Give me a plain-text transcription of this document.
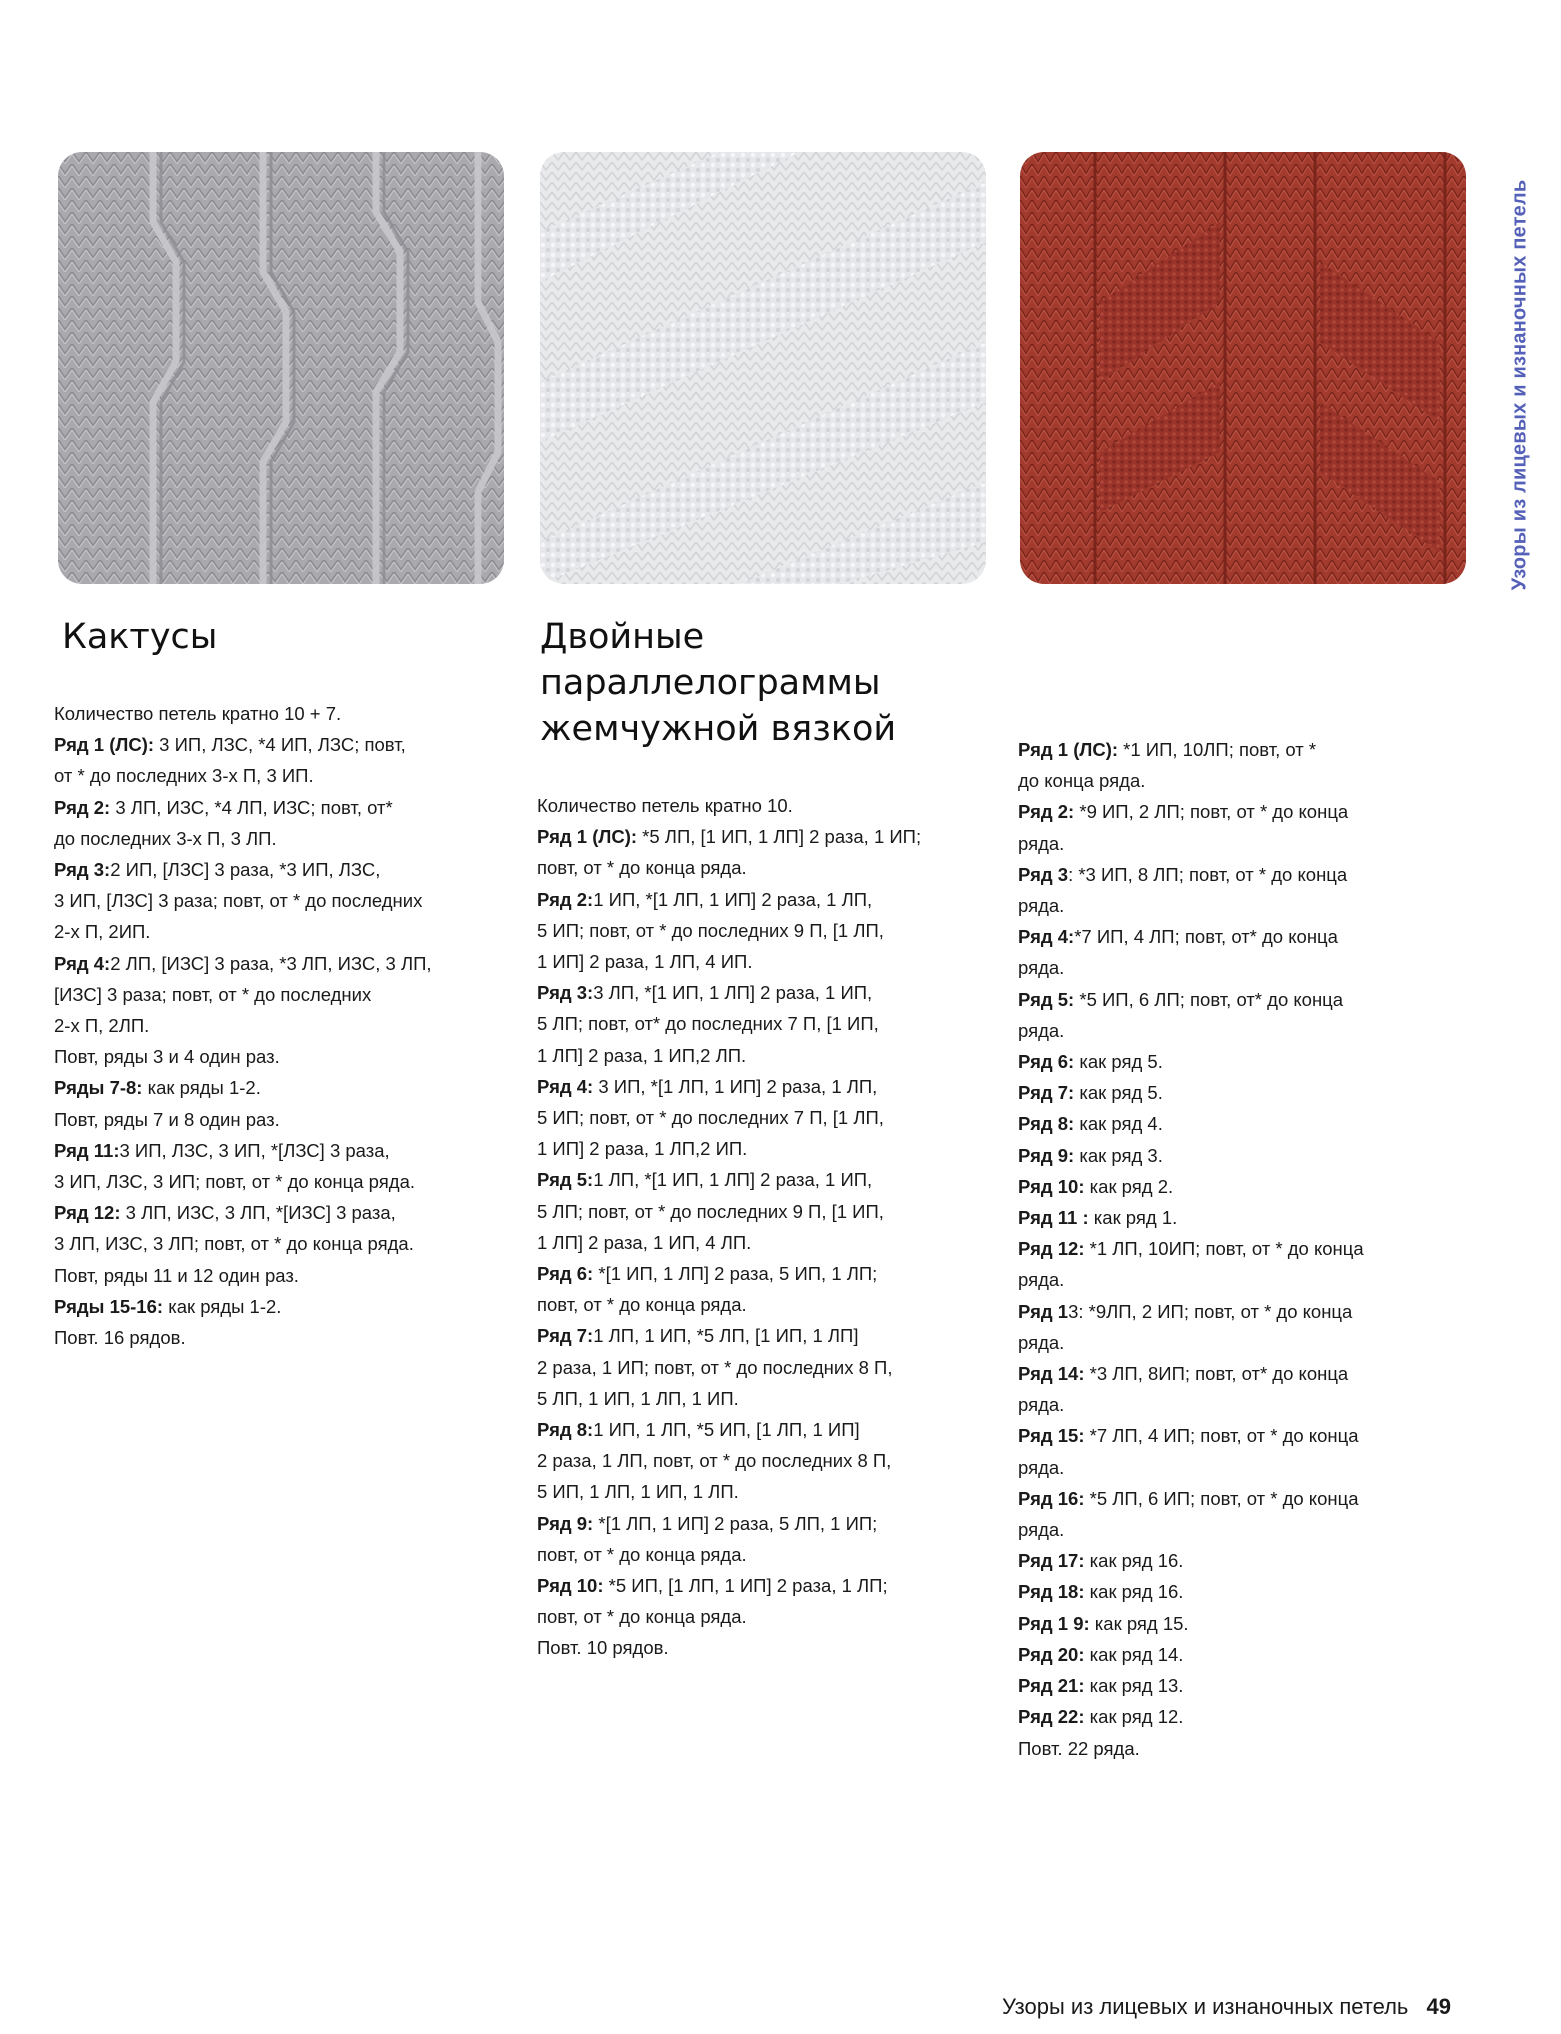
Узоры из лицевых и изнаночных петель
Кактусы	Двойные
параллелограммы
жемчужной вязкой
Количество петель кратно 10 + 7.
Ряд 1 (ЛС): 3 ИП, ЛЗС, *4 ИП, ЛЗС; повт,
от * до последних 3-х П, 3 ИП.
Ряд 2: 3 ЛП, ИЗС, *4 ЛП, ИЗС; повт, от*
до последних 3-х П, 3 ЛП.
Ряд 3:2 ИП, [ЛЗС] 3 раза, *3 ИП, ЛЗС,
3 ИП, [ЛЗС] 3 раза; повт, от * до последних
2-х П, 2ИП.
Ряд 4:2 ЛП, [ИЗС] 3 раза, *3 ЛП, ИЗС, 3 ЛП,
[ИЗС] 3 раза; повт, от * до последних
2-х П, 2ЛП.
Повт, ряды 3 и 4 один раз.
Ряды 7-8: как ряды 1-2.
Повт, ряды 7 и 8 один раз.
Ряд 11:3 ИП, ЛЗС, 3 ИП, *[ЛЗС] 3 раза,
3 ИП, ЛЗС, 3 ИП; повт, от * до конца ряда.
Ряд 12: 3 ЛП, ИЗС, 3 ЛП, *[ИЗС] 3 раза,
3 ЛП, ИЗС, 3 ЛП; повт, от * до конца ряда.
Повт, ряды 11 и 12 один раз.
Ряды 15-16: как ряды 1-2.
Повт. 16 рядов.
Количество петель кратно 10.
Ряд 1 (ЛС): *5 ЛП, [1 ИП, 1 ЛП] 2 раза, 1 ИП;
повт, от * до конца ряда.
Ряд 2:1 ИП, *[1 ЛП, 1 ИП] 2 раза, 1 ЛП,
5 ИП; повт, от * до последних 9 П, [1 ЛП,
1 ИП] 2 раза, 1 ЛП, 4 ИП.
Ряд 3:3 ЛП, *[1 ИП, 1 ЛП] 2 раза, 1 ИП,
5 ЛП; повт, от* до последних 7 П, [1 ИП,
1 ЛП] 2 раза, 1 ИП,2 ЛП.
Ряд 4: 3 ИП, *[1 ЛП, 1 ИП] 2 раза, 1 ЛП,
5 ИП; повт, от * до последних 7 П, [1 ЛП,
1 ИП] 2 раза, 1 ЛП,2 ИП.
Ряд 5:1 ЛП, *[1 ИП, 1 ЛП] 2 раза, 1 ИП,
5 ЛП; повт, от * до последних 9 П, [1 ИП,
1 ЛП] 2 раза, 1 ИП, 4 ЛП.
Ряд 6: *[1 ИП, 1 ЛП] 2 раза, 5 ИП, 1 ЛП;
повт, от * до конца ряда.
Ряд 7:1 ЛП, 1 ИП, *5 ЛП, [1 ИП, 1 ЛП]
2 раза, 1 ИП; повт, от * до последних 8 П,
5 ЛП, 1 ИП, 1 ЛП, 1 ИП.
Ряд 8:1 ИП, 1 ЛП, *5 ИП, [1 ЛП, 1 ИП]
2 раза, 1 ЛП, повт, от * до последних 8 П,
5 ИП, 1 ЛП, 1 ИП, 1 ЛП.
Ряд 9: *[1 ЛП, 1 ИП] 2 раза, 5 ЛП, 1 ИП;
повт, от * до конца ряда.
Ряд 10: *5 ИП, [1 ЛП, 1 ИП] 2 раза, 1 ЛП;
повт, от * до конца ряда.
Повт. 10 рядов.
Ряд 1 (ЛС): *1 ИП, 10ЛП; повт, от *
до конца ряда.
Ряд 2: *9 ИП, 2 ЛП; повт, от * до конца
ряда.
Ряд 3: *3 ИП, 8 ЛП; повт, от * до конца
ряда.
Ряд 4:*7 ИП, 4 ЛП; повт, от* до конца
ряда.
Ряд 5: *5 ИП, 6 ЛП; повт, от* до конца
ряда.
Ряд 6: как ряд 5.
Ряд 7: как ряд 5.
Ряд 8: как ряд 4.
Ряд 9: как ряд 3.
Ряд 10: как ряд 2.
Ряд 11 : как ряд 1.
Ряд 12: *1 ЛП, 10ИП; повт, от * до конца
ряда.
Ряд 13: *9ЛП, 2 ИП; повт, от * до конца
ряда.
Ряд 14: *3 ЛП, 8ИП; повт, от* до конца
ряда.
Ряд 15: *7 ЛП, 4 ИП; повт, от * до конца
ряда.
Ряд 16: *5 ЛП, 6 ИП; повт, от * до конца
ряда.
Ряд 17: как ряд 16.
Ряд 18: как ряд 16.
Ряд 1 9: как ряд 15.
Ряд 20: как ряд 14.
Ряд 21: как ряд 13.
Ряд 22: как ряд 12.
Повт. 22 ряда.
Узоры из лицевых и изнаночных петель 49
